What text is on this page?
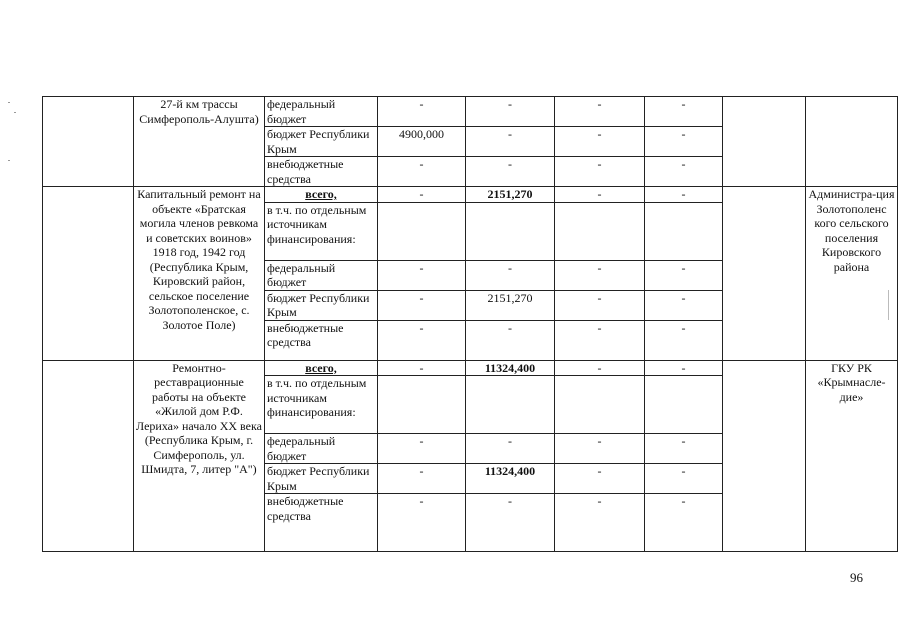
	27-й км трассы Симферополь-Алушта)	федеральный бюджет	-	-	-	-		
		бюджет Республики Крым	4900,000	-	-	-		
		внебюджетные средства	-	-	-	-		
	Капитальный ремонт на объекте «Братская могила членов ревкома и советских воинов» 1918 год, 1942 год (Республика Крым, Кировский район, сельское поселение Золотополенское, с. Золотое Поле)	всего,	-	2151,270	-	-		Администра-ция Золотополенс кого сельского поселения Кировского района
		в т.ч. по отдельным источникам финансирования:						
		федеральный бюджет	-	-	-	-		
		бюджет Республики Крым	-	2151,270	-	-		
		внебюджетные средства	-	-	-	-		
	Ремонтно-реставрационные работы на объекте «Жилой дом Р.Ф. Лериха» начало XX века (Республика Крым, г. Симферополь, ул. Шмидта, 7, литер "А")	всего,	-	11324,400	-	-		ГКУ РК «Крымнасле-дие»
		в т.ч. по отдельным источникам финансирования:						
		федеральный бюджет	-	-	-	-		
		бюджет Республики Крым	-	11324,400	-	-		
		внебюджетные средства	-	-	-	-		
96
